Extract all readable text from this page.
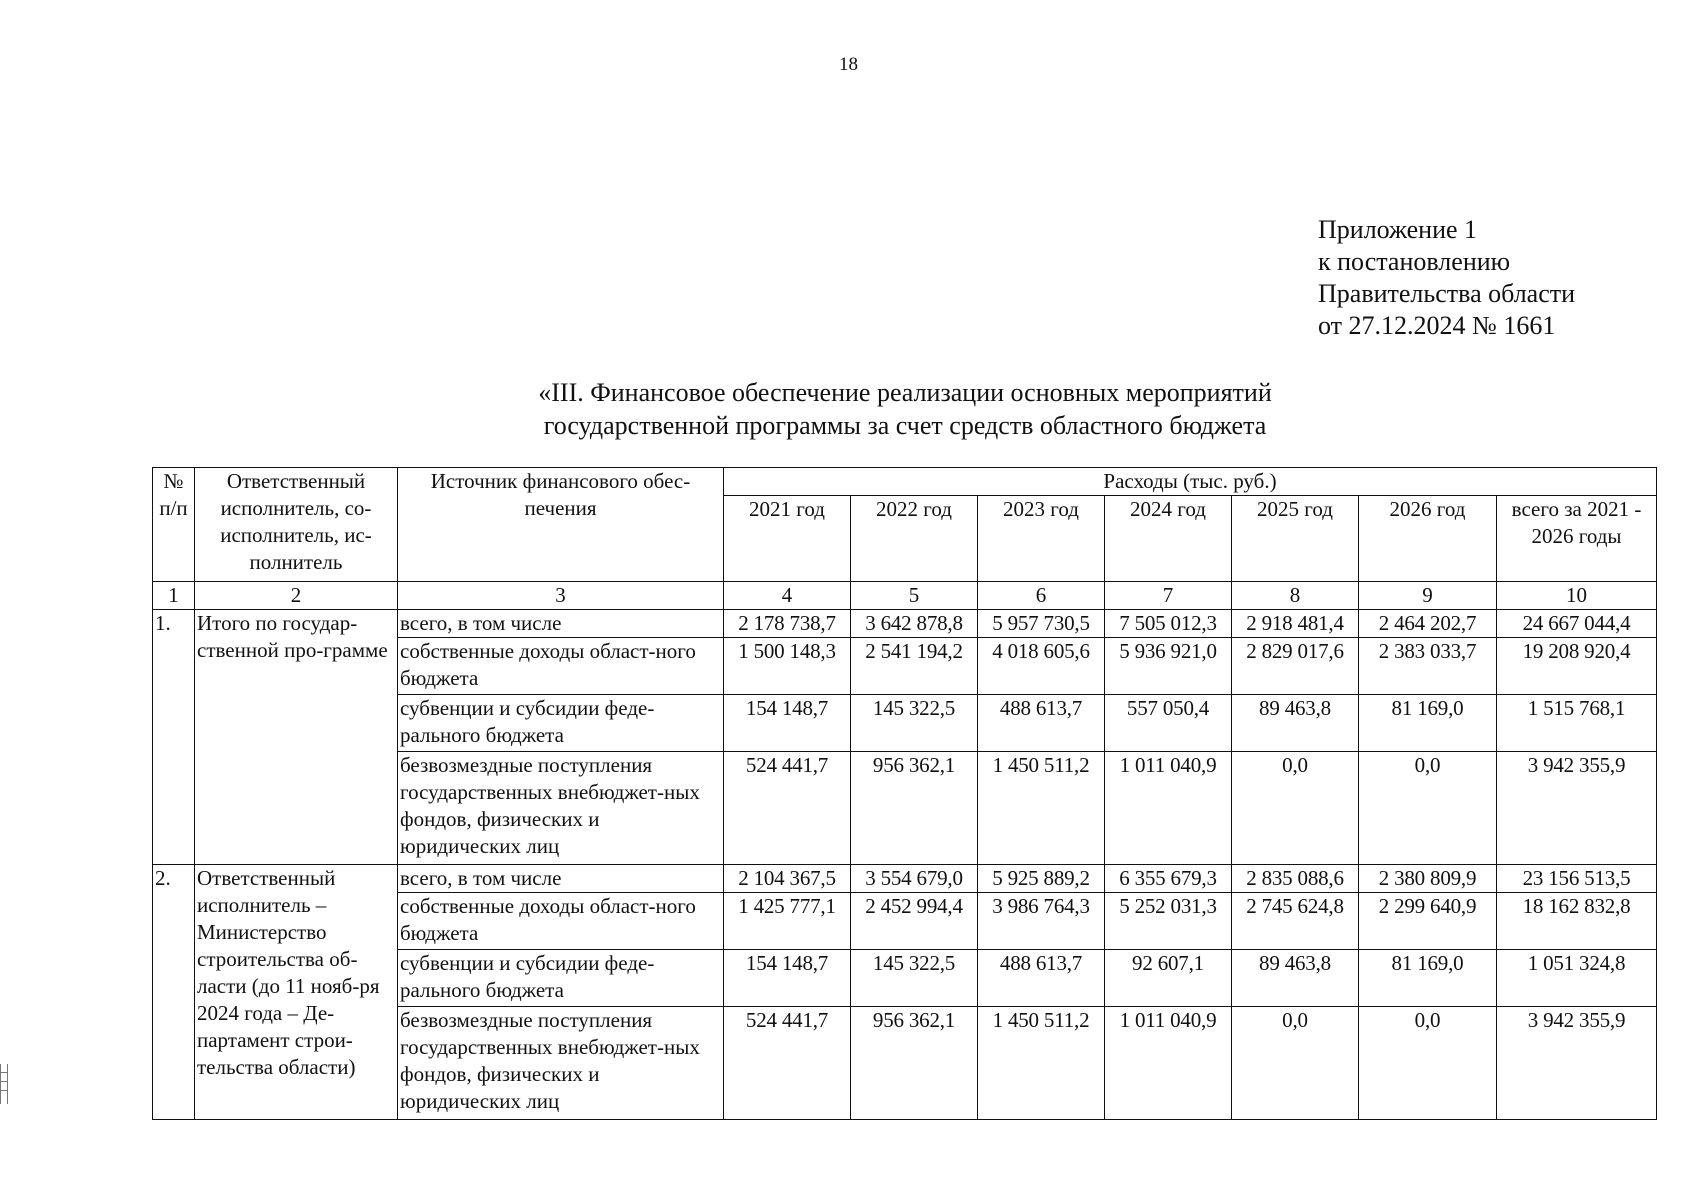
18
Приложение 1
к постановлению
Правительства области
от 27.12.2024 № 1661
«III. Финансовое обеспечение реализации основных мероприятий
государственной программы за счет средств областного бюджета
№ п/п	Ответственный исполнитель, со-исполнитель, ис-полнитель	Источник финансового обес-печения	Расходы (тыс. руб.)						
			2021 год	2022 год	2023 год	2024 год	2025 год	2026 год	всего за 2021 - 2026 годы
1	2	3	4	5	6	7	8	9	10
1.	Итого по государ-ственной про-грамме	всего, в том числе	2 178 738,7	3 642 878,8	5 957 730,5	7 505 012,3	2 918 481,4	2 464 202,7	24 667 044,4
		собственные доходы област-ного бюджета	1 500 148,3	2 541 194,2	4 018 605,6	5 936 921,0	2 829 017,6	2 383 033,7	19 208 920,4
		субвенции и субсидии феде-рального бюджета	154 148,7	145 322,5	488 613,7	557 050,4	89 463,8	81 169,0	1 515 768,1
		безвозмездные поступления государственных внебюджет-ных фондов, физических и юридических лиц	524 441,7	956 362,1	1 450 511,2	1 011 040,9	0,0	0,0	3 942 355,9
2.	Ответственный исполнитель – Министерство строительства об-ласти (до 11 нояб-ря 2024 года – Де-партамент строи-тельства области)	всего, в том числе	2 104 367,5	3 554 679,0	5 925 889,2	6 355 679,3	2 835 088,6	2 380 809,9	23 156 513,5
		собственные доходы област-ного бюджета	1 425 777,1	2 452 994,4	3 986 764,3	5 252 031,3	2 745 624,8	2 299 640,9	18 162 832,8
		субвенции и субсидии феде-рального бюджета	154 148,7	145 322,5	488 613,7	92 607,1	89 463,8	81 169,0	1 051 324,8
		безвозмездные поступления государственных внебюджет-ных фондов, физических и юридических лиц	524 441,7	956 362,1	1 450 511,2	1 011 040,9	0,0	0,0	3 942 355,9
